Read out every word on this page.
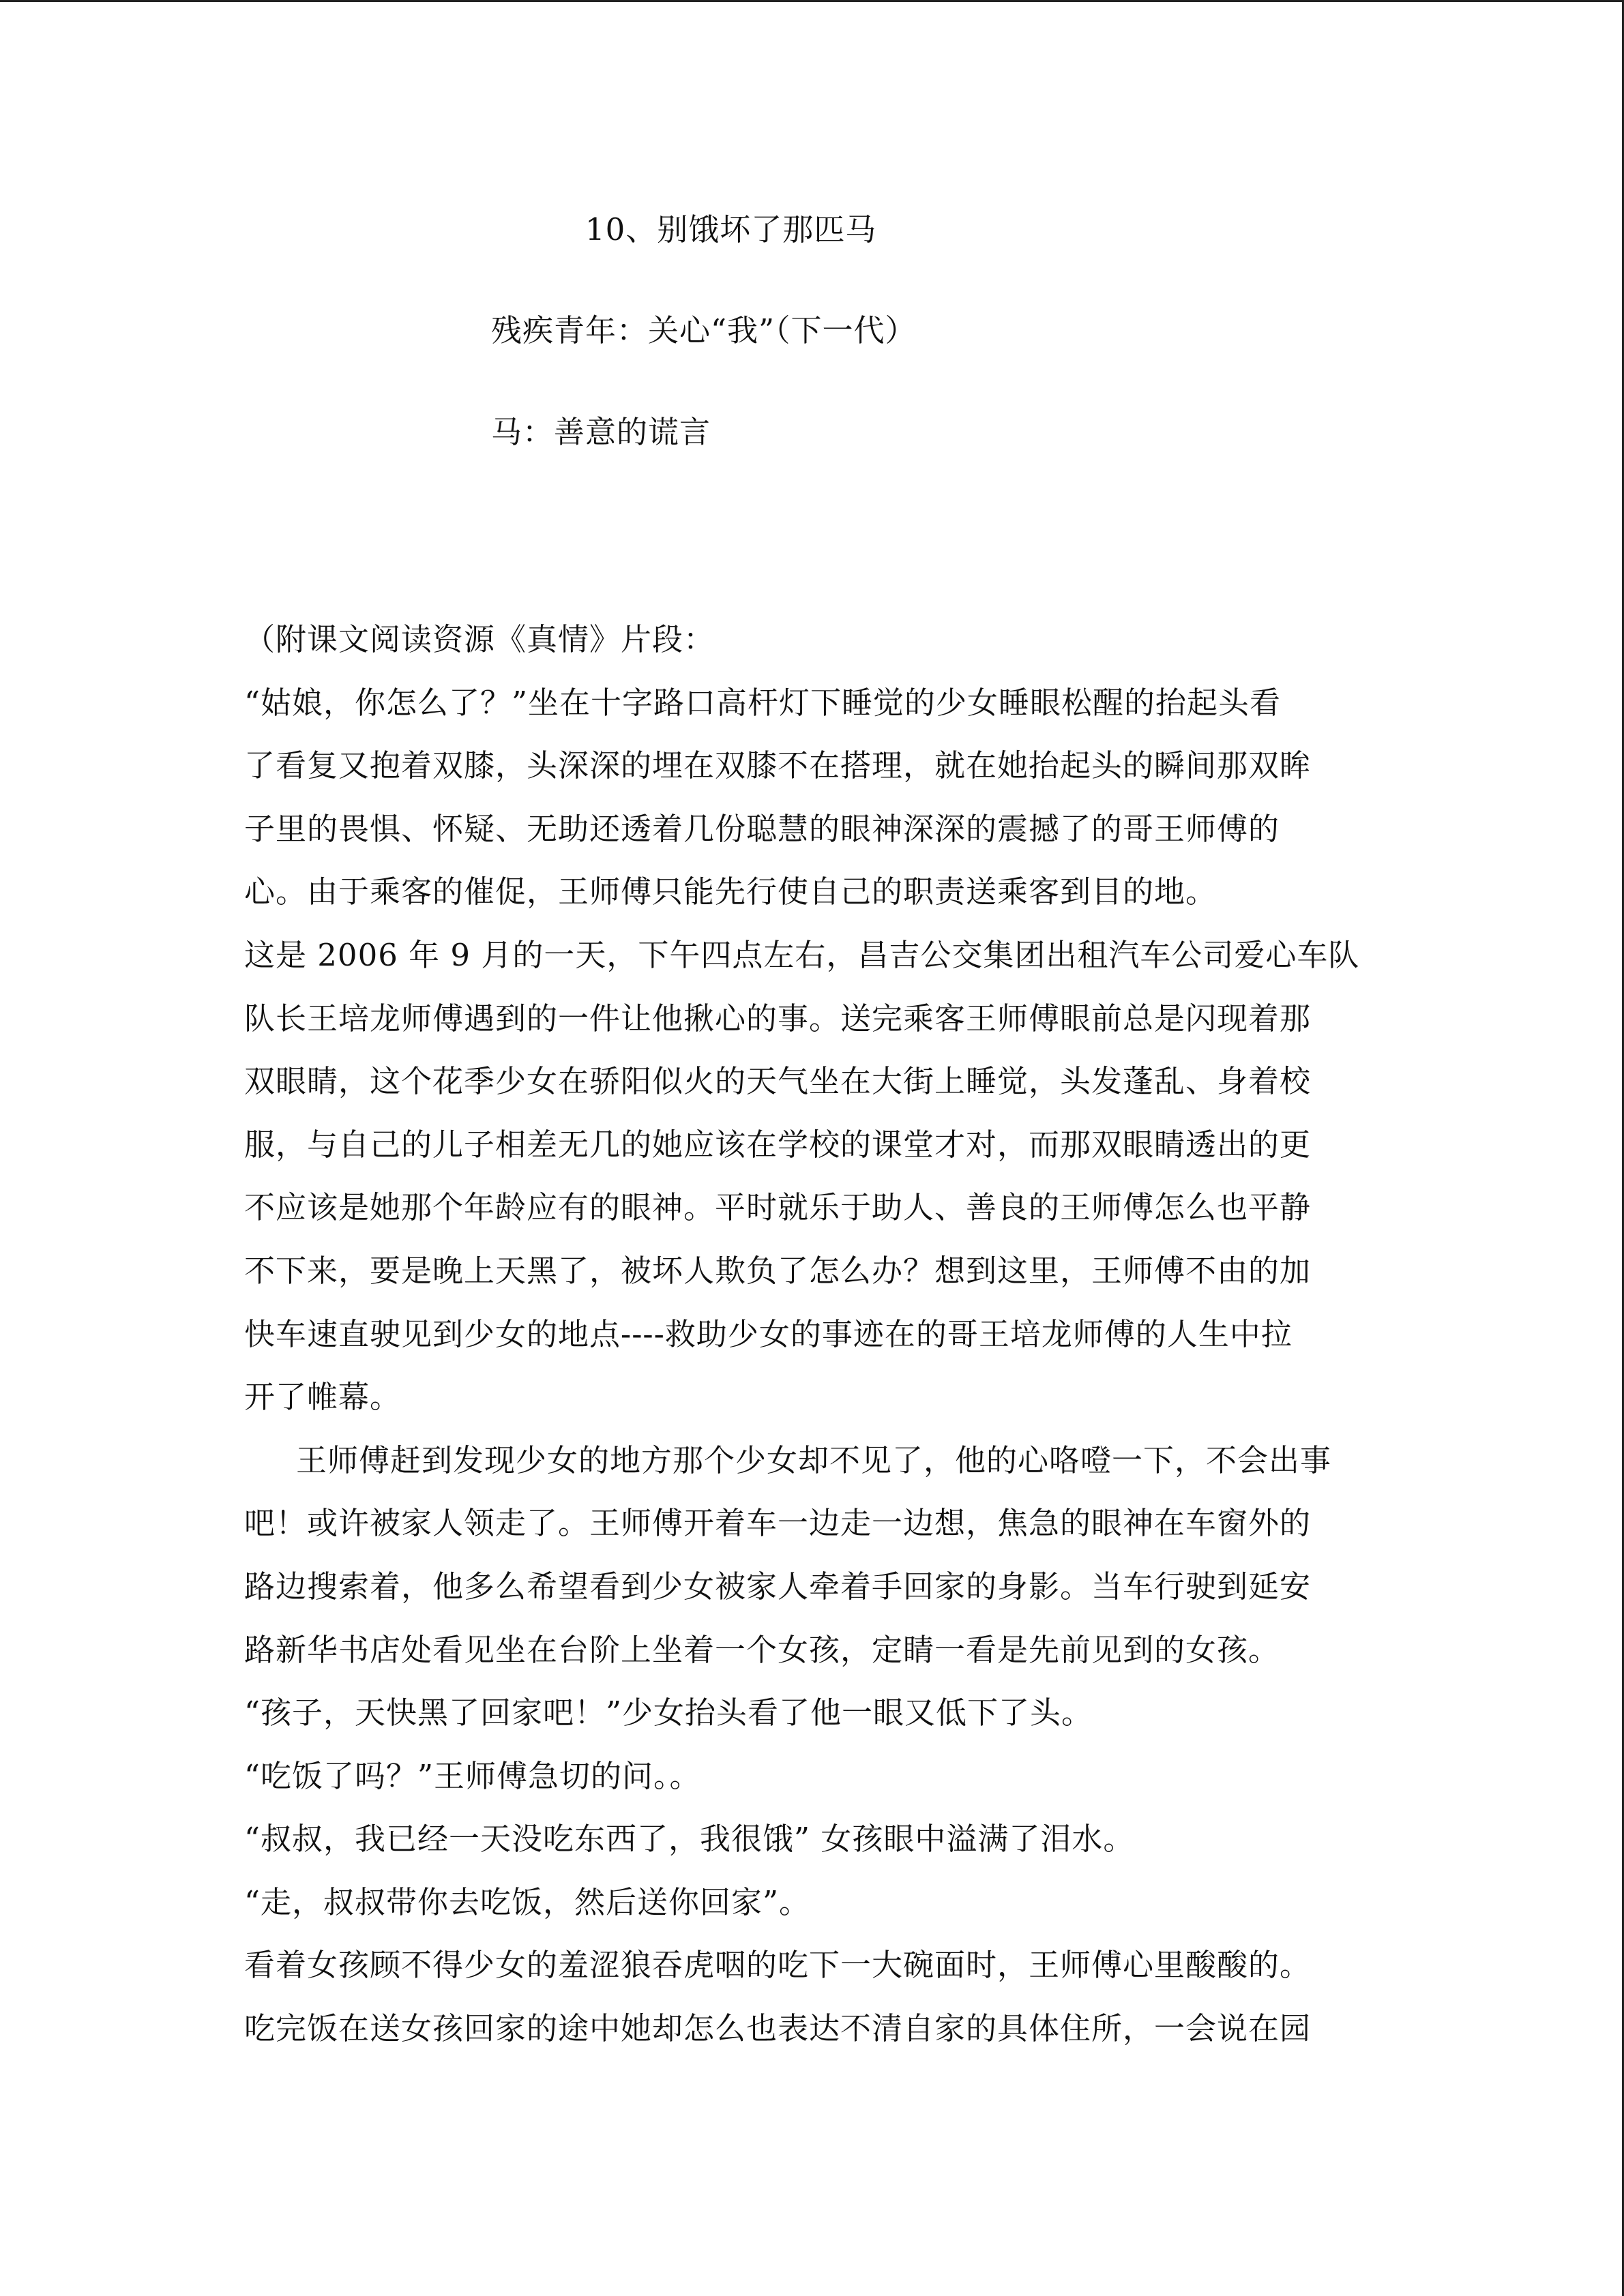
10、别饿坏了那匹马
残疾青年：关心“我”（下一代）
马：善意的谎言
（附课文阅读资源《真情》片段：
“姑娘，你怎么了？”坐在十字路口高杆灯下睡觉的少女睡眼松醒的抬起头看
了看复又抱着双膝，头深深的埋在双膝不在搭理，就在她抬起头的瞬间那双眸
子里的畏惧、怀疑、无助还透着几份聪慧的眼神深深的震撼了的哥王师傅的
心。由于乘客的催促，王师傅只能先行使自己的职责送乘客到目的地。
这是 2006 年 9 月的一天，下午四点左右，昌吉公交集团出租汽车公司爱心车队
队长王培龙师傅遇到的一件让他揪心的事。送完乘客王师傅眼前总是闪现着那
双眼睛，这个花季少女在骄阳似火的天气坐在大街上睡觉，头发蓬乱、身着校
服，与自己的儿子相差无几的她应该在学校的课堂才对，而那双眼睛透出的更
不应该是她那个年龄应有的眼神。平时就乐于助人、善良的王师傅怎么也平静
不下来，要是晚上天黑了，被坏人欺负了怎么办？想到这里，王师傅不由的加
快车速直驶见到少女的地点----救助少女的事迹在的哥王培龙师傅的人生中拉
开了帷幕。
王师傅赶到发现少女的地方那个少女却不见了，他的心咯噔一下，不会出事
吧！或许被家人领走了。王师傅开着车一边走一边想，焦急的眼神在车窗外的
路边搜索着，他多么希望看到少女被家人牵着手回家的身影。当车行驶到延安
路新华书店处看见坐在台阶上坐着一个女孩，定睛一看是先前见到的女孩。
“孩子，天快黑了回家吧！”少女抬头看了他一眼又低下了头。
“吃饭了吗？”王师傅急切的问。。
“叔叔，我已经一天没吃东西了，我很饿” 女孩眼中溢满了泪水。
“走，叔叔带你去吃饭，然后送你回家”。
看着女孩顾不得少女的羞涩狼吞虎咽的吃下一大碗面时，王师傅心里酸酸的。
吃完饭在送女孩回家的途中她却怎么也表达不清自家的具体住所，一会说在园
